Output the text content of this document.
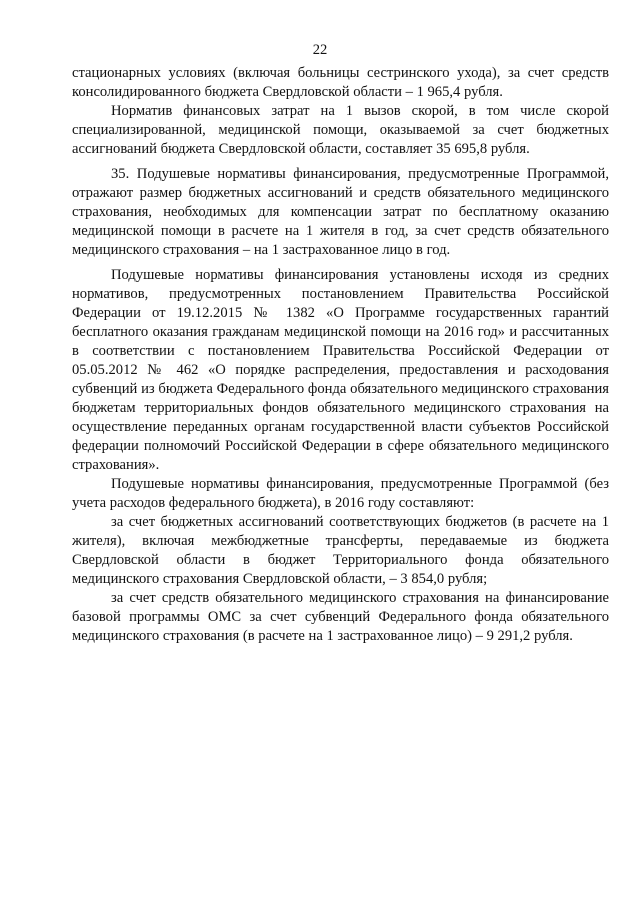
22

стационарных условиях (включая больницы сестринского ухода), за счет средств консолидированного бюджета Свердловской области – 1 965,4 рубля.

Норматив финансовых затрат на 1 вызов скорой, в том числе скорой специализированной, медицинской помощи, оказываемой за счет бюджетных ассигнований бюджета Свердловской области, составляет 35 695,8 рубля.

35. Подушевые нормативы финансирования, предусмотренные Программой, отражают размер бюджетных ассигнований и средств обязательного медицинского страхования, необходимых для компенсации затрат по бесплатному оказанию медицинской помощи в расчете на 1 жителя в год, за счет средств обязательного медицинского страхования – на 1 застрахованное лицо в год.

Подушевые нормативы финансирования установлены исходя из средних нормативов, предусмотренных постановлением Правительства Российской Федерации от 19.12.2015 № 1382 «О Программе государственных гарантий бесплатного оказания гражданам медицинской помощи на 2016 год» и рассчитанных в соответствии с постановлением Правительства Российской Федерации от 05.05.2012 № 462 «О порядке распределения, предоставления и расходования субвенций из бюджета Федерального фонда обязательного медицинского страхования бюджетам территориальных фондов обязательного медицинского страхования на осуществление переданных органам государственной власти субъектов Российской федерации полномочий Российской Федерации в сфере обязательного медицинского страхования».

Подушевые нормативы финансирования, предусмотренные Программой (без учета расходов федерального бюджета), в 2016 году составляют:

за счет бюджетных ассигнований соответствующих бюджетов (в расчете на 1 жителя), включая межбюджетные трансферты, передаваемые из бюджета Свердловской области в бюджет Территориального фонда обязательного медицинского страхования Свердловской области, – 3 854,0 рубля;

за счет средств обязательного медицинского страхования на финансирование базовой программы ОМС за счет субвенций Федерального фонда обязательного медицинского страхования (в расчете на 1 застрахованное лицо) – 9 291,2 рубля.
